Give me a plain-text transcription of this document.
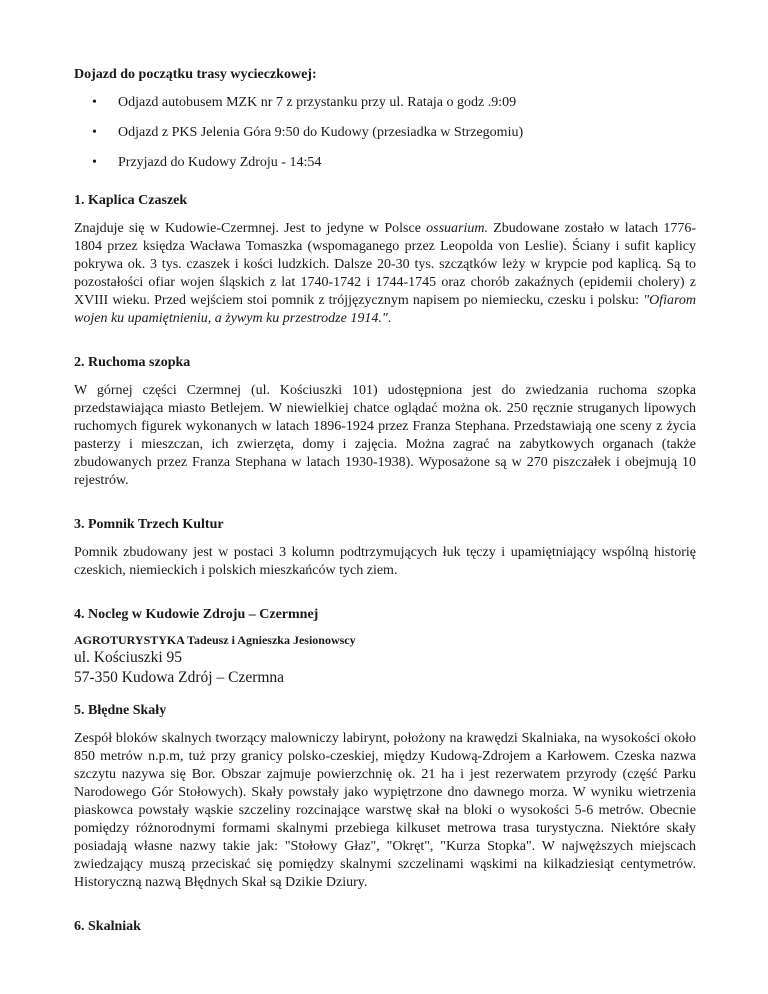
Dojazd do początku trasy wycieczkowej:
• Odjazd autobusem MZK nr 7 z przystanku przy ul. Rataja o godz .9:09
• Odjazd z PKS Jelenia Góra 9:50 do Kudowy (przesiadka w Strzegomiu)
• Przyjazd do Kudowy Zdroju - 14:54
1. Kaplica Czaszek

Znajduje się w Kudowie-Czermnej. Jest to jedyne w Polsce ossuarium. Zbudowane zostało w latach 1776-1804 przez księdza Wacława Tomaszka (wspomaganego przez Leopolda von Leslie). Ściany i sufit kaplicy pokrywa ok. 3 tys. czaszek i kości ludzkich. Dalsze 20-30 tys. szczątków leży w krypcie pod kaplicą. Są to pozostałości ofiar wojen śląskich z lat 1740-1742 i 1744-1745 oraz chorób zakaźnych (epidemii cholery) z XVIII wieku. Przed wejściem stoi pomnik z trójjęzycznym napisem po niemiecku, czesku i polsku: "Ofiarom wojen ku upamiętnieniu, a żywym ku przestrodze 1914.".

2. Ruchoma szopka

W górnej części Czermnej (ul. Kościuszki 101) udostępniona jest do zwiedzania ruchoma szopka przedstawiająca miasto Betlejem. W niewielkiej chatce oglądać można ok. 250 ręcznie struganych lipowych ruchomych figurek wykonanych w latach 1896-1924 przez Franza Stephana. Przedstawiają one sceny z życia pasterzy i mieszczan, ich zwierzęta, domy i zajęcia. Można zagrać na zabytkowych organach (także zbudowanych przez Franza Stephana w latach 1930-1938). Wyposażone są w 270 piszczałek i obejmują 10 rejestrów.

3. Pomnik Trzech Kultur

Pomnik zbudowany jest w postaci 3 kolumn podtrzymujących łuk tęczy i upamiętniający wspólną historię czeskich, niemieckich i polskich mieszkańców tych ziem.

4. Nocleg w Kudowie Zdroju – Czermnej
AGROTURYSTYKA Tadeusz i Agnieszka Jesionowscy
ul. Kościuszki 95
57-350 Kudowa Zdrój – Czermna
5. Błędne Skały

Zespół bloków skalnych tworzący malowniczy labirynt, położony na krawędzi Skalniaka, na wysokości około 850 metrów n.p.m, tuż przy granicy polsko-czeskiej, między Kudową-Zdrojem a Karłowem. Czeska nazwa szczytu nazywa się Bor. Obszar zajmuje powierzchnię ok. 21 ha i jest rezerwatem przyrody (część Parku Narodowego Gór Stołowych). Skały powstały jako wypiętrzone dno dawnego morza. W wyniku wietrzenia piaskowca powstały wąskie szczeliny rozcinające warstwę skał na bloki o wysokości 5-6 metrów. Obecnie pomiędzy różnorodnymi formami skalnymi przebiega kilkuset metrowa trasa turystyczna. Niektóre skały posiadają własne nazwy takie jak: "Stołowy Głaz", "Okręt", "Kurza Stopka". W najwęższych miejscach zwiedzający muszą przeciskać się pomiędzy skalnymi szczelinami wąskimi na kilkadziesiąt centymetrów. Historyczną nazwą Błędnych Skał są Dzikie Dziury.

6. Skalniak
